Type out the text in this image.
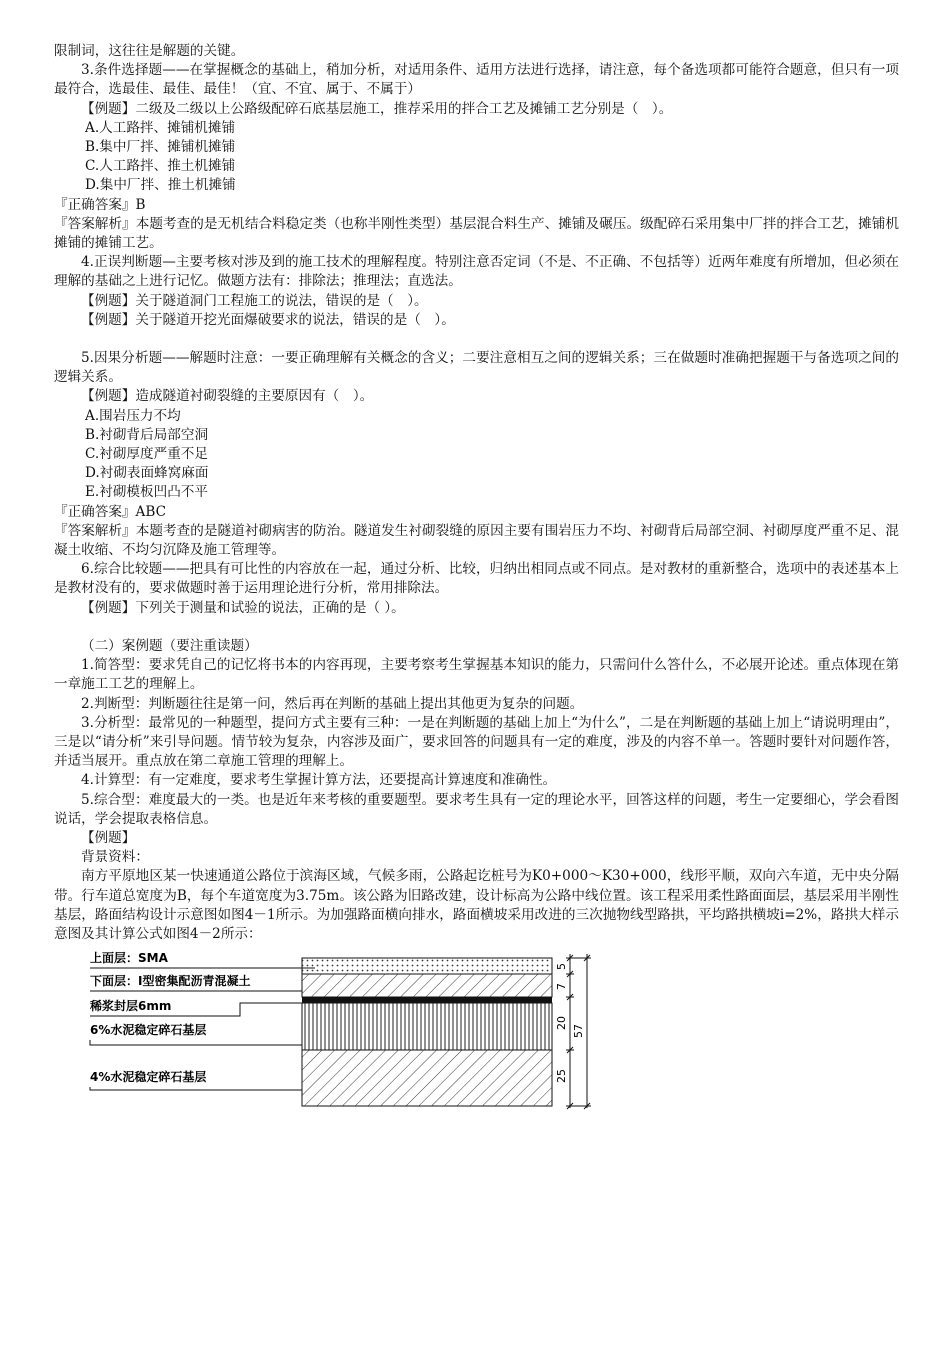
限制词，这往往是解题的关键。

3.条件选择题——在掌握概念的基础上，稍加分析，对适用条件、适用方法进行选择，请注意，每个备选项都可能符合题意，但只有一项最符合，选最佳、最佳、最佳！（宜、不宜、属于、不属于）

【例题】二级及二级以上公路级配碎石底基层施工，推荐采用的拌合工艺及摊铺工艺分别是（　）。

A.人工路拌、摊铺机摊铺

B.集中厂拌、摊铺机摊铺

C.人工路拌、推土机摊铺

D.集中厂拌、推土机摊铺

『正确答案』B

『答案解析』本题考查的是无机结合料稳定类（也称半刚性类型）基层混合料生产、摊铺及碾压。级配碎石采用集中厂拌的拌合工艺，摊铺机摊铺的摊铺工艺。

4.正误判断题—主要考核对涉及到的施工技术的理解程度。特别注意否定词（不是、不正确、不包括等）近两年难度有所增加，但必须在理解的基础之上进行记忆。做题方法有：排除法；推理法；直选法。

【例题】关于隧道洞门工程施工的说法，错误的是（　）。

【例题】关于隧道开挖光面爆破要求的说法，错误的是（　）。

5.因果分析题——解题时注意：一要正确理解有关概念的含义；二要注意相互之间的逻辑关系；三在做题时准确把握题干与备选项之间的逻辑关系。

【例题】造成隧道衬砌裂缝的主要原因有（　）。

A.围岩压力不均

B.衬砌背后局部空洞

C.衬砌厚度严重不足

D.衬砌表面蜂窝麻面

E.衬砌模板凹凸不平

『正确答案』ABC

『答案解析』本题考查的是隧道衬砌病害的防治。隧道发生衬砌裂缝的原因主要有围岩压力不均、衬砌背后局部空洞、衬砌厚度严重不足、混凝土收缩、不均匀沉降及施工管理等。

6.综合比较题——把具有可比性的内容放在一起，通过分析、比较，归纳出相同点或不同点。是对教材的重新整合，选项中的表述基本上是教材没有的，要求做题时善于运用理论进行分析，常用排除法。

【例题】下列关于测量和试验的说法，正确的是（ ）。

（二）案例题（要注重读题）

1.简答型：要求凭自己的记忆将书本的内容再现，主要考察考生掌握基本知识的能力，只需问什么答什么，不必展开论述。重点体现在第一章施工工艺的理解上。

2.判断型：判断题往往是第一问，然后再在判断的基础上提出其他更为复杂的问题。

3.分析型：最常见的一种题型，提问方式主要有三种：一是在判断题的基础上加上“为什么”，二是在判断题的基础上加上“请说明理由”，三是以“请分析”来引导问题。情节较为复杂，内容涉及面广，要求回答的问题具有一定的难度，涉及的内容不单一。答题时要针对问题作答，并适当展开。重点放在第二章施工管理的理解上。

4.计算型：有一定难度，要求考生掌握计算方法，还要提高计算速度和准确性。

5.综合型：难度最大的一类。也是近年来考核的重要题型。要求考生具有一定的理论水平，回答这样的问题，考生一定要细心，学会看图说话，学会提取表格信息。

【例题】

背景资料：

南方平原地区某一快速通道公路位于滨海区域，气候多雨，公路起讫桩号为K0+000～K30+000，线形平顺，双向六车道，无中央分隔带。行车道总宽度为B，每个车道宽度为3.75m。该公路为旧路改建，设计标高为公路中线位置。该工程采用柔性路面面层，基层采用半刚性基层，路面结构设计示意图如图4－1所示。为加强路面横向排水，路面横坡采用改进的三次抛物线型路拱，平均路拱横坡i=2%，路拱大样示意图及其计算公式如图4－2所示：

上面层：SMA
下面层：Ⅰ型密集配沥青混凝土
稀浆封层6mm
6%水泥稳定碎石基层
4%水泥稳定碎石基层
5
7
20
25
57
